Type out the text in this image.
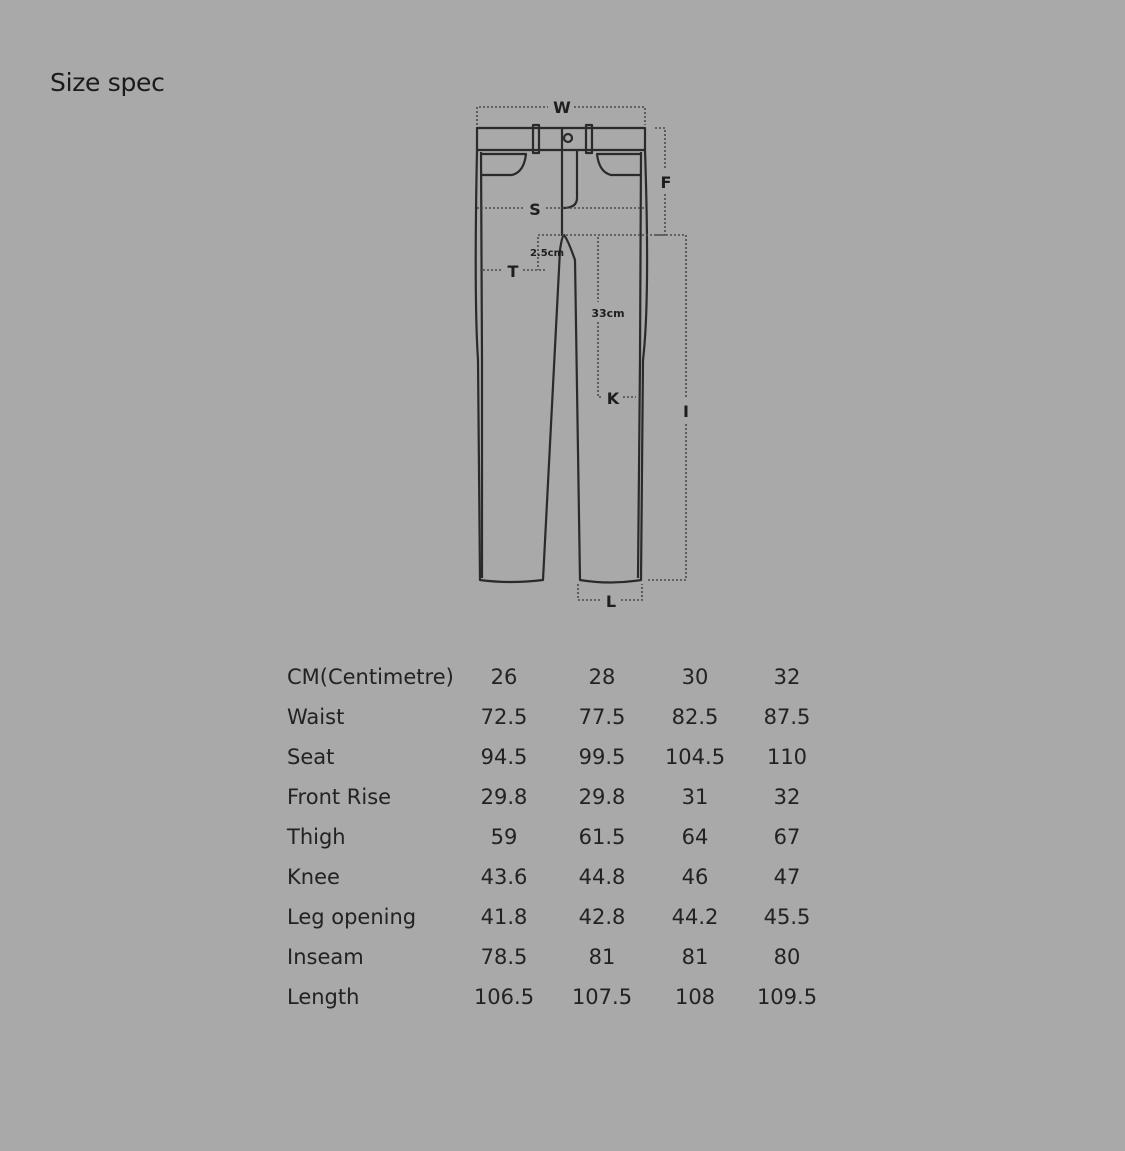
Size spec
W
S
F
2.5cm
T
33cm
K
I
L
CM(Centimetre)	26	28	30	32
Waist	72.5	77.5	82.5	87.5
Seat	94.5	99.5	104.5	110
Front Rise	29.8	29.8	31	32
Thigh	59	61.5	64	67
Knee	43.6	44.8	46	47
Leg opening	41.8	42.8	44.2	45.5
Inseam	78.5	81	81	80
Length	106.5	107.5	108	109.5
